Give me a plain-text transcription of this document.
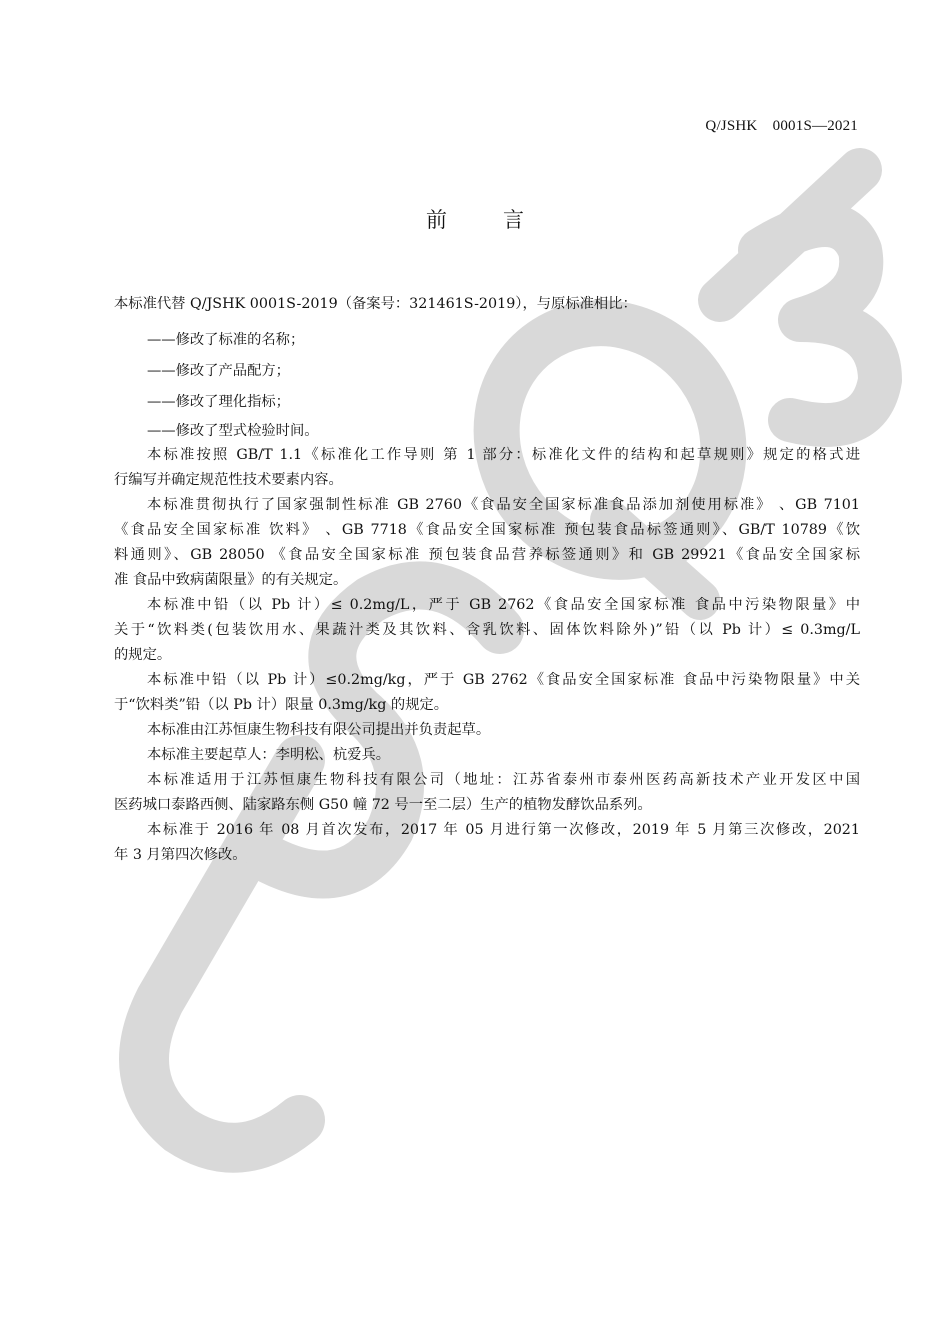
Q/JSHK　0001S—2021
前言
本标准代替 Q/JSHK 0001S-2019（备案号：321461S-2019），与原标准相比：
——修改了标准的名称；
——修改了产品配方；
——修改了理化指标；
——修改了型式检验时间。
本标准按照 GB/T 1.1《标准化工作导则 第 1 部分：标准化文件的结构和起草规则》规定的格式进
行编写并确定规范性技术要素内容。
本标准贯彻执行了国家强制性标准 GB 2760《食品安全国家标准食品添加剂使用标准》 、GB 7101
《食品安全国家标准 饮料》 、GB 7718《食品安全国家标准 预包装食品标签通则》、GB/T 10789《饮
料通则》、GB 28050 《食品安全国家标准 预包装食品营养标签通则》和 GB 29921《食品安全国家标
准 食品中致病菌限量》的有关规定。
本标准中铅（以 Pb 计）≤ 0.2mg/L，严于 GB 2762《食品安全国家标准 食品中污染物限量》中
关于“饮料类(包装饮用水、果蔬汁类及其饮料、含乳饮料、固体饮料除外)”铅（以 Pb 计）≤ 0.3mg/L
的规定。
本标准中铅（以 Pb 计）≤0.2mg/kg，严于 GB 2762《食品安全国家标准 食品中污染物限量》中关
于“饮料类”铅（以 Pb 计）限量 0.3mg/kg 的规定。
本标准由江苏恒康生物科技有限公司提出并负责起草。
本标准主要起草人：李明松、杭爱兵。
本标准适用于江苏恒康生物科技有限公司（地址：江苏省泰州市泰州医药高新技术产业开发区中国
医药城口泰路西侧、陆家路东侧 G50 幢 72 号一至二层）生产的植物发酵饮品系列。
本标准于 2016 年 08 月首次发布，2017 年 05 月进行第一次修改，2019 年 5 月第三次修改，2021
年 3 月第四次修改。
